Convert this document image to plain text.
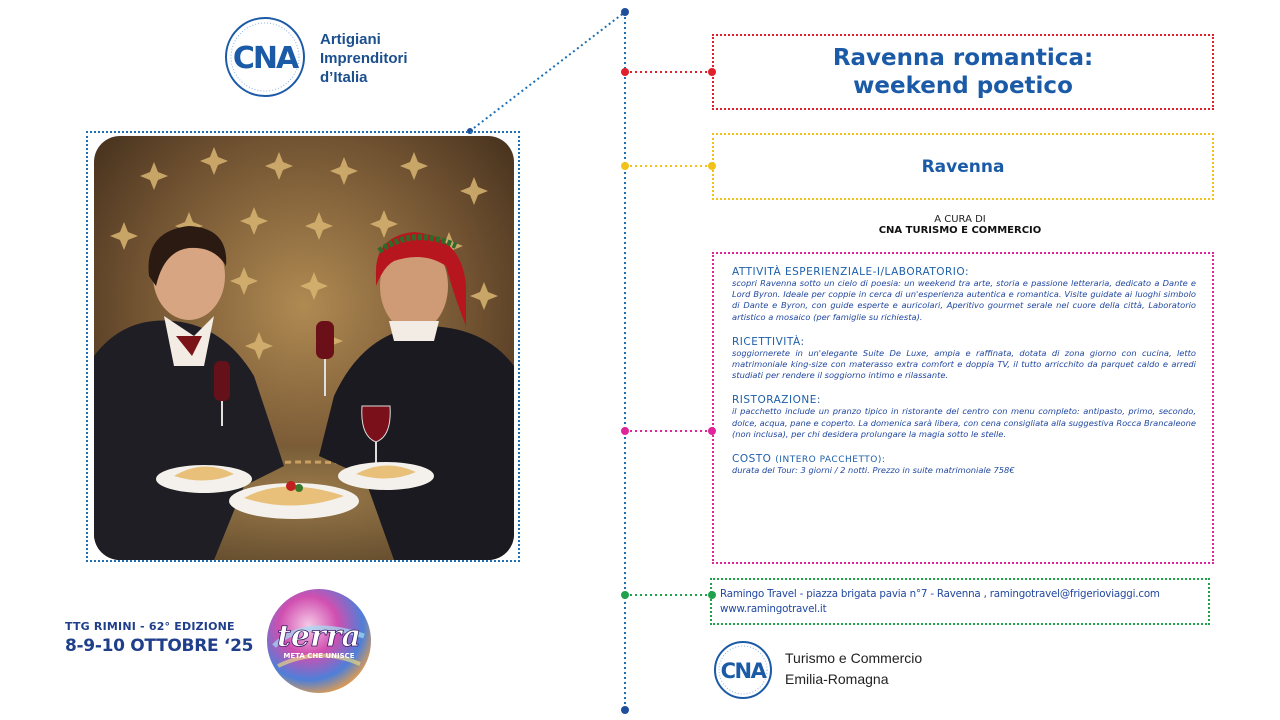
CNA
Artigiani
Imprenditori
d’Italia
TTG RIMINI - 62° EDIZIONE
8-9-10 OTTOBRE ‘25 terra
META CHE UNISCE
Ravenna romantica:
weekend poetico
Ravenna
A CURA DI
CNA TURISMO E COMMERCIO

ATTIVITÀ ESPERIENZIALE-I/LABORATORIO:

scopri Ravenna sotto un cielo di poesia: un weekend tra arte, storia e passione letteraria, dedicato a Dante e Lord Byron. Ideale per coppie in cerca di un'esperienza autentica e romantica. Visite guidate ai luoghi simbolo di Dante e Byron, con guide esperte e auricolari, Aperitivo gourmet serale nel cuore della città, Laboratorio artistico a mosaico (per famiglie su richiesta).

RICETTIVITÀ:

soggiornerete in un'elegante Suite De Luxe, ampia e raffinata, dotata di zona giorno con cucina, letto matrimoniale king-size con materasso extra comfort e doppia TV, il tutto arricchito da parquet caldo e arredi studiati per rendere il soggiorno intimo e rilassante.

RISTORAZIONE:

il pacchetto include un pranzo tipico in ristorante del centro con menu completo: antipasto, primo, secondo, dolce, acqua, pane e coperto. La domenica sarà libera, con cena consigliata alla suggestiva Rocca Brancaleone (non inclusa), per chi desidera prolungare la magia sotto le stelle.

COSTO (INTERO PACCHETTO):

durata del Tour: 3 giorni / 2 notti. Prezzo in suite matrimoniale 758€

Ramingo Travel - piazza brigata pavia n°7 - Ravenna , ramingotravel@frigerioviaggi.com
www.ramingotravel.it
CNA
Turismo e Commercio
Emilia-Romagna
